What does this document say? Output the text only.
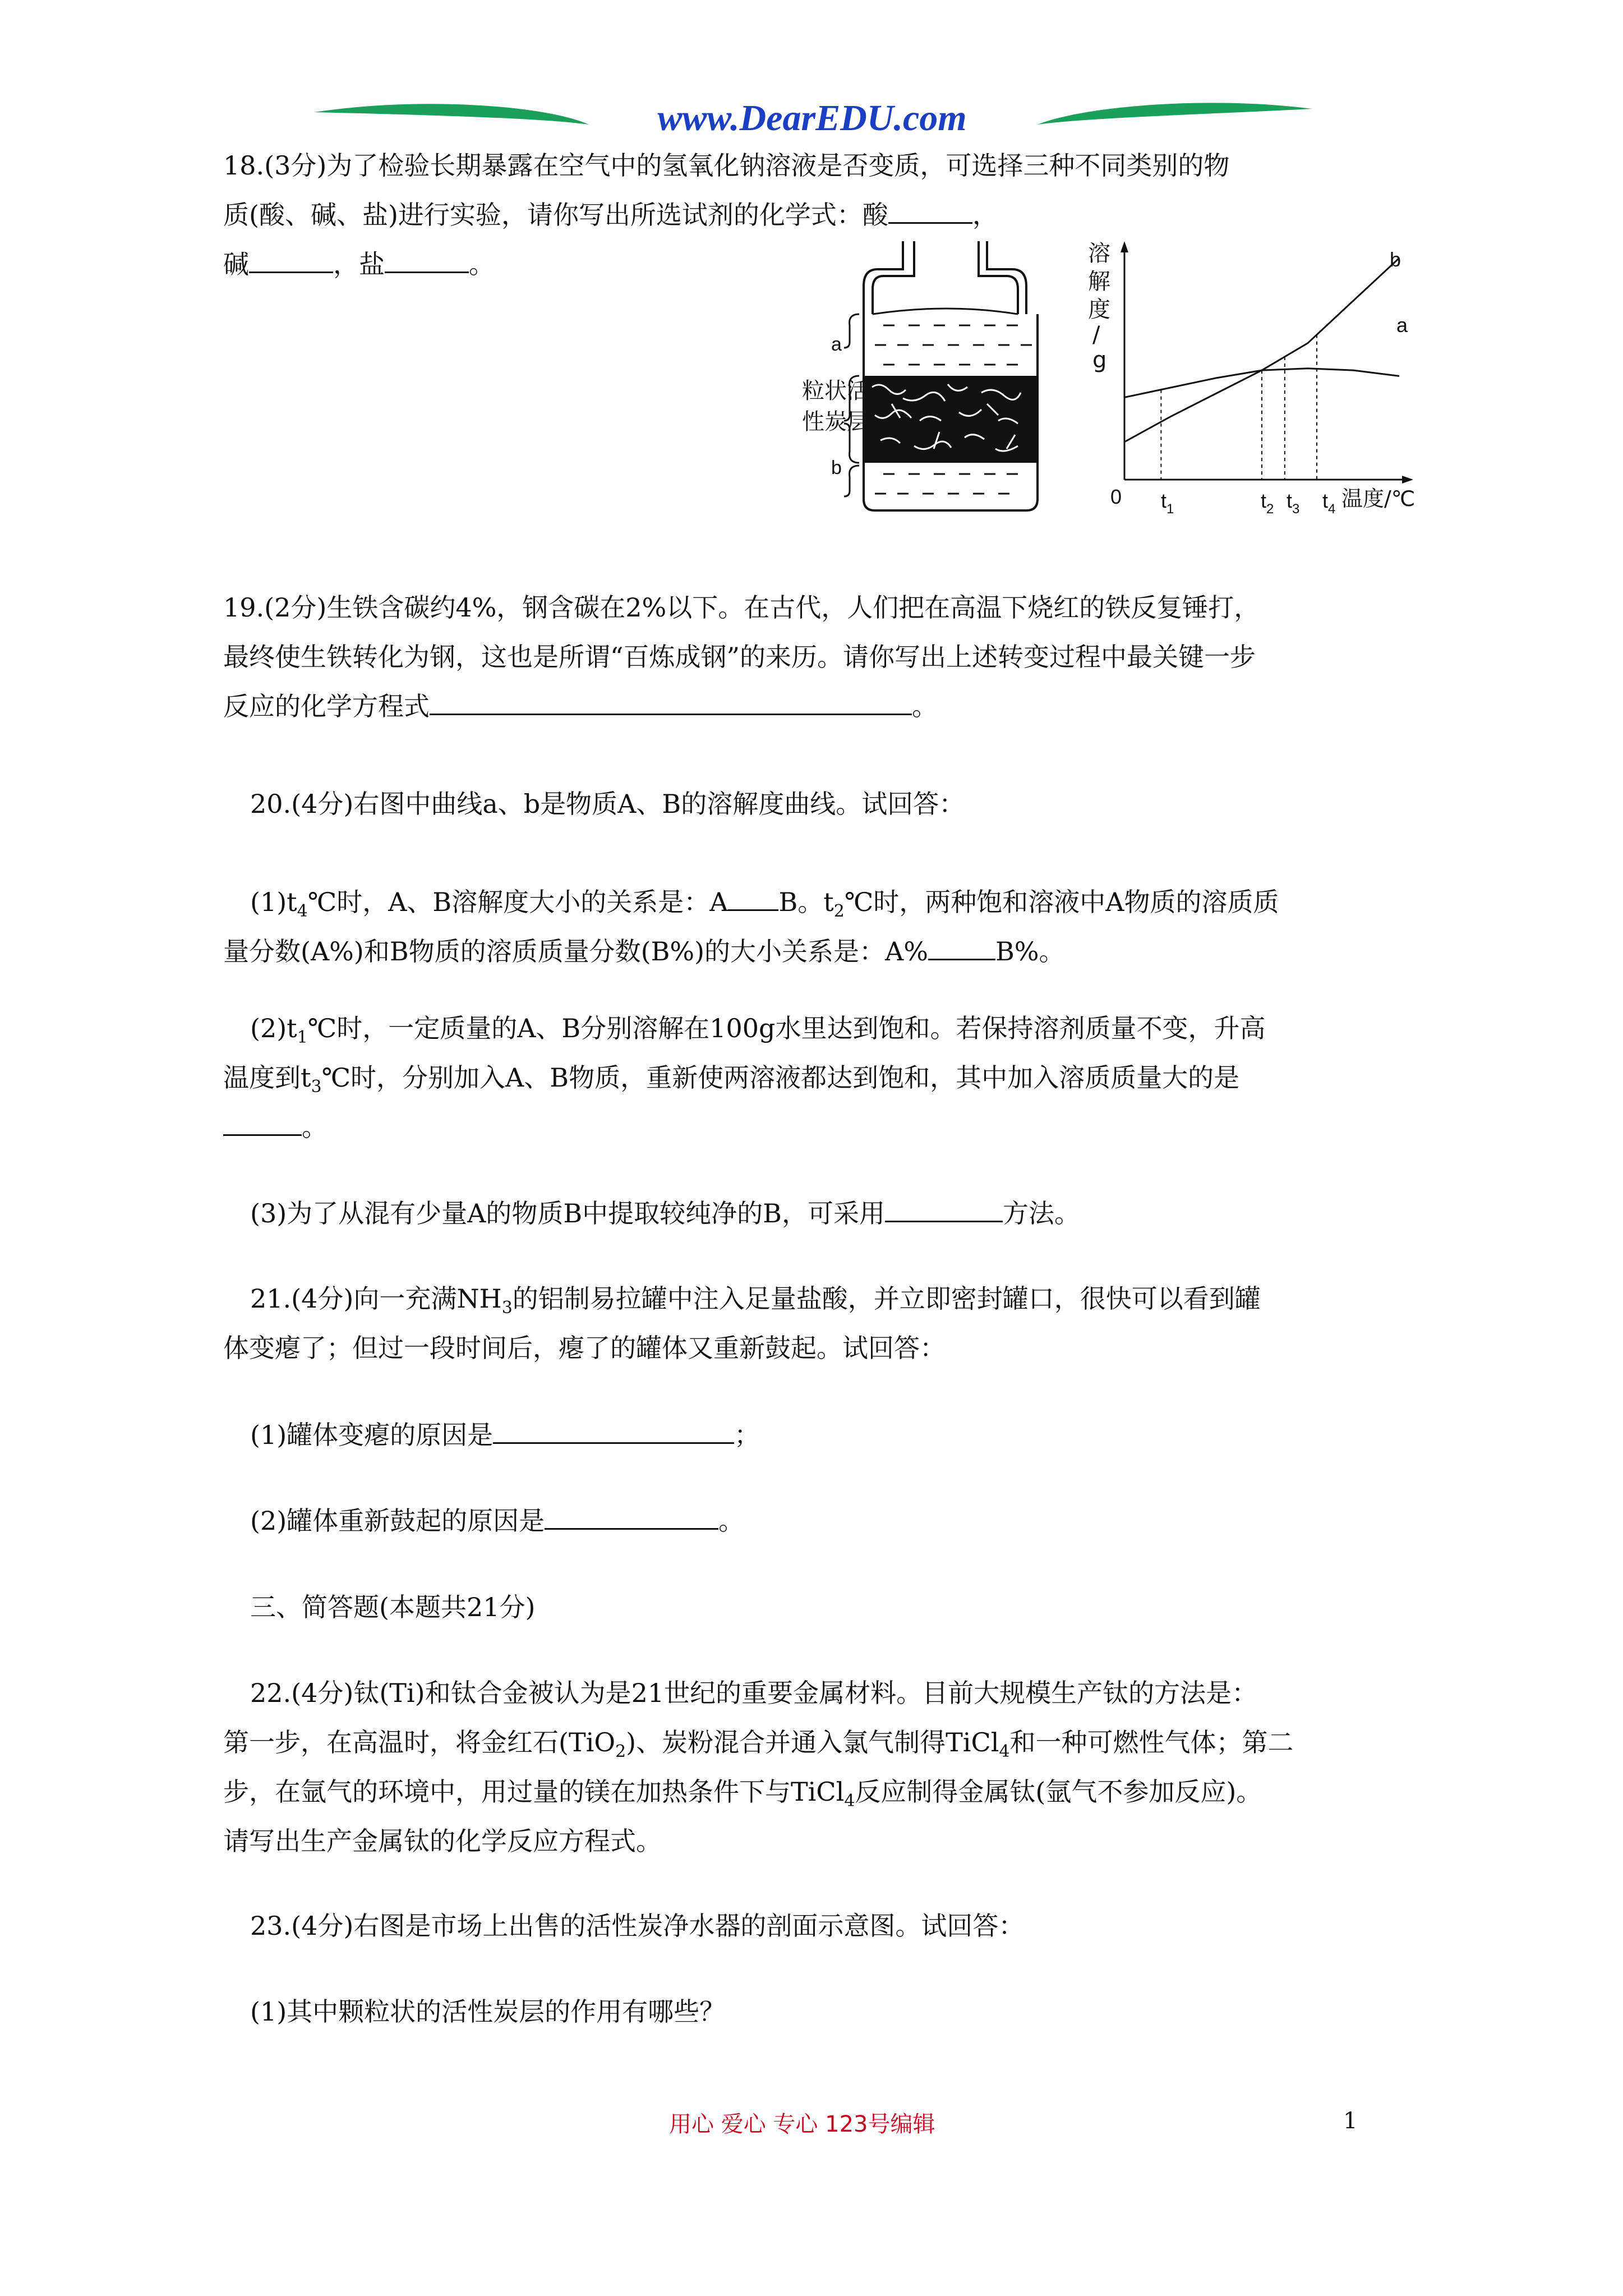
www.DearEDU.com

18.(3分)为了检验长期暴露在空气中的氢氧化钠溶液是否变质，可选择三种不同类别的物

质(酸、碱、盐)进行实验，请你写出所选试剂的化学式：酸	，

碱	，盐	。

a
b
粒状活
性炭层
溶
解
度
/
g
0 $t_1$	$t_2$ $t_3$ $t_4$ 温度/℃
b
a

19.(2分)生铁含碳约4%，钢含碳在2%以下。在古代，人们把在高温下烧红的铁反复锤打，

最终使生铁转化为钢，这也是所谓“百炼成钢”的来历。请你写出上述转变过程中最关键一步

反应的化学方程式	。

20.(4分)右图中曲线a、b是物质A、B的溶解度曲线。试回答：

$(1)t_4℃$时，A、B溶解度大小的关系是：A B。$t_2℃$时，两种饱和溶液中A物质的溶质质

量分数(A%)和B物质的溶质质量分数(B%)的大小关系是：A%	B%。

$(2)t_1℃$时，一定质量的A、B分别溶解在100g水里达到饱和。若保持溶剂质量不变，升高

温度到$t_3℃$时，分别加入A、B物质，重新使两溶液都达到饱和，其中加入溶质质量大的是

。

(3)为了从混有少量A的物质B中提取较纯净的B，可采用	方法。

21.(4分)向一充满$NH_3$的铝制易拉罐中注入足量盐酸，并立即密封罐口，很快可以看到罐

体变瘪了；但过一段时间后，瘪了的罐体又重新鼓起。试回答：

(1)罐体变瘪的原因是	；

(2)罐体重新鼓起的原因是	。

三、简答题(本题共21分)

22.(4分)钛(Ti)和钛合金被认为是21世纪的重要金属材料。目前大规模生产钛的方法是：

第一步，在高温时，将金红石(TiO$_2$)、炭粉混合并通入氯气制得TiCl$_4$和一种可燃性气体；第二

步，在氩气的环境中，用过量的镁在加热条件下与TiCl$_4$反应制得金属钛(氩气不参加反应)。

请写出生产金属钛的化学反应方程式。

23.(4分)右图是市场上出售的活性炭净水器的剖面示意图。试回答：

(1)其中颗粒状的活性炭层的作用有哪些？

用心 爱心 专心 123号编辑	1
